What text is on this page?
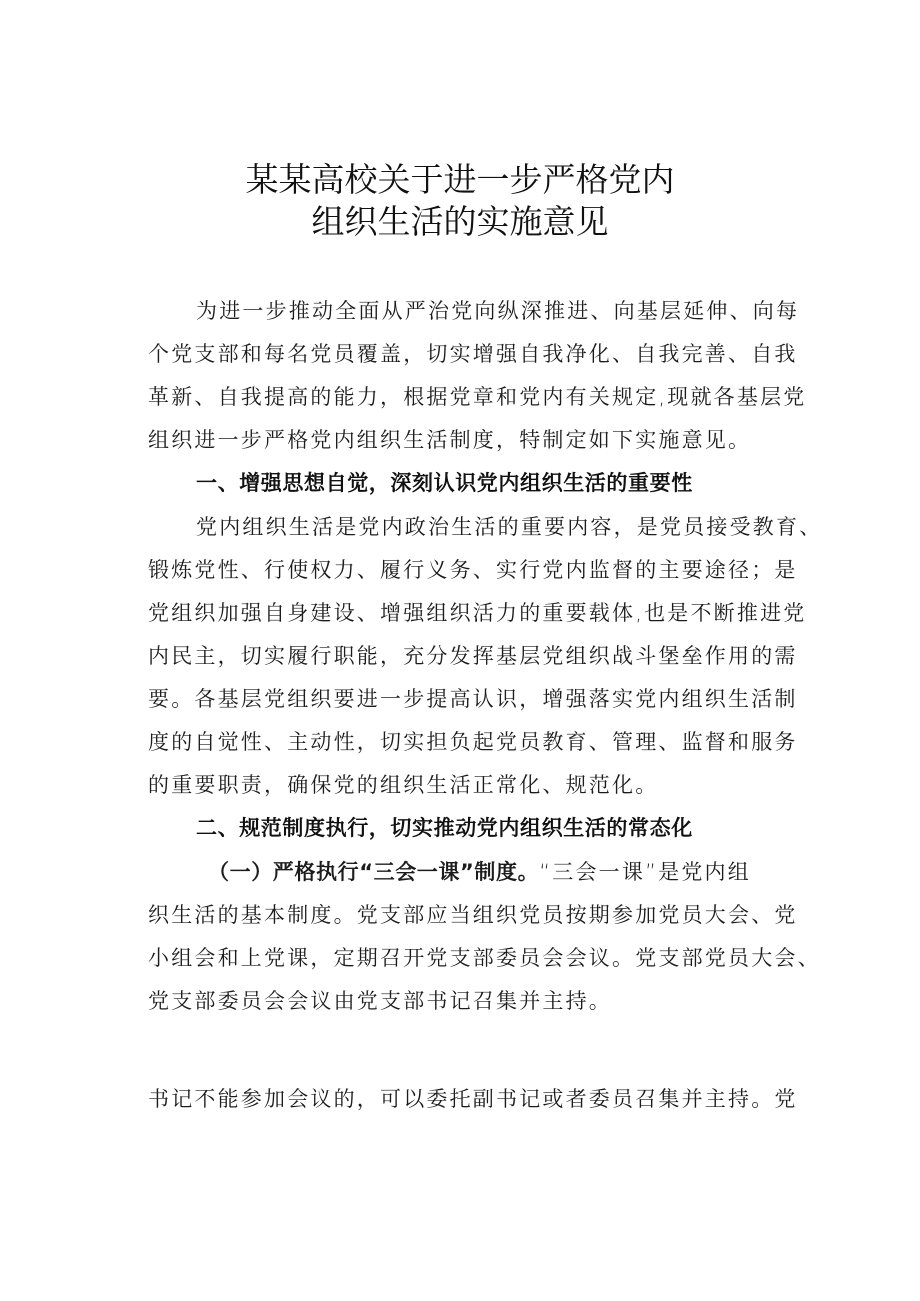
某某高校关于进一步严格党内
组织生活的实施意见
为进一步推动全面从严治党向纵深推进、向基层延伸、向每
个党支部和每名党员覆盖，切实增强自我净化、自我完善、自我
革新、自我提高的能力，根据党章和党内有关规定,现就各基层党
组织进一步严格党内组织生活制度，特制定如下实施意见。
一、增强思想自觉，深刻认识党内组织生活的重要性
党内组织生活是党内政治生活的重要内容，是党员接受教育、
锻炼党性、行使权力、履行义务、实行党内监督的主要途径；是
党组织加强自身建设、增强组织活力的重要载体,也是不断推进党
内民主，切实履行职能，充分发挥基层党组织战斗堡垒作用的需
要。各基层党组织要进一步提高认识，增强落实党内组织生活制
度的自觉性、主动性，切实担负起党员教育、管理、监督和服务
的重要职责，确保党的组织生活正常化、规范化。
二、规范制度执行，切实推动党内组织生活的常态化
（一）严格执行“三会一课”制度。“三会一课”是党内组
织生活的基本制度。党支部应当组织党员按期参加党员大会、党
小组会和上党课，定期召开党支部委员会会议。党支部党员大会、
党支部委员会会议由党支部书记召集并主持。
书记不能参加会议的，可以委托副书记或者委员召集并主持。党
